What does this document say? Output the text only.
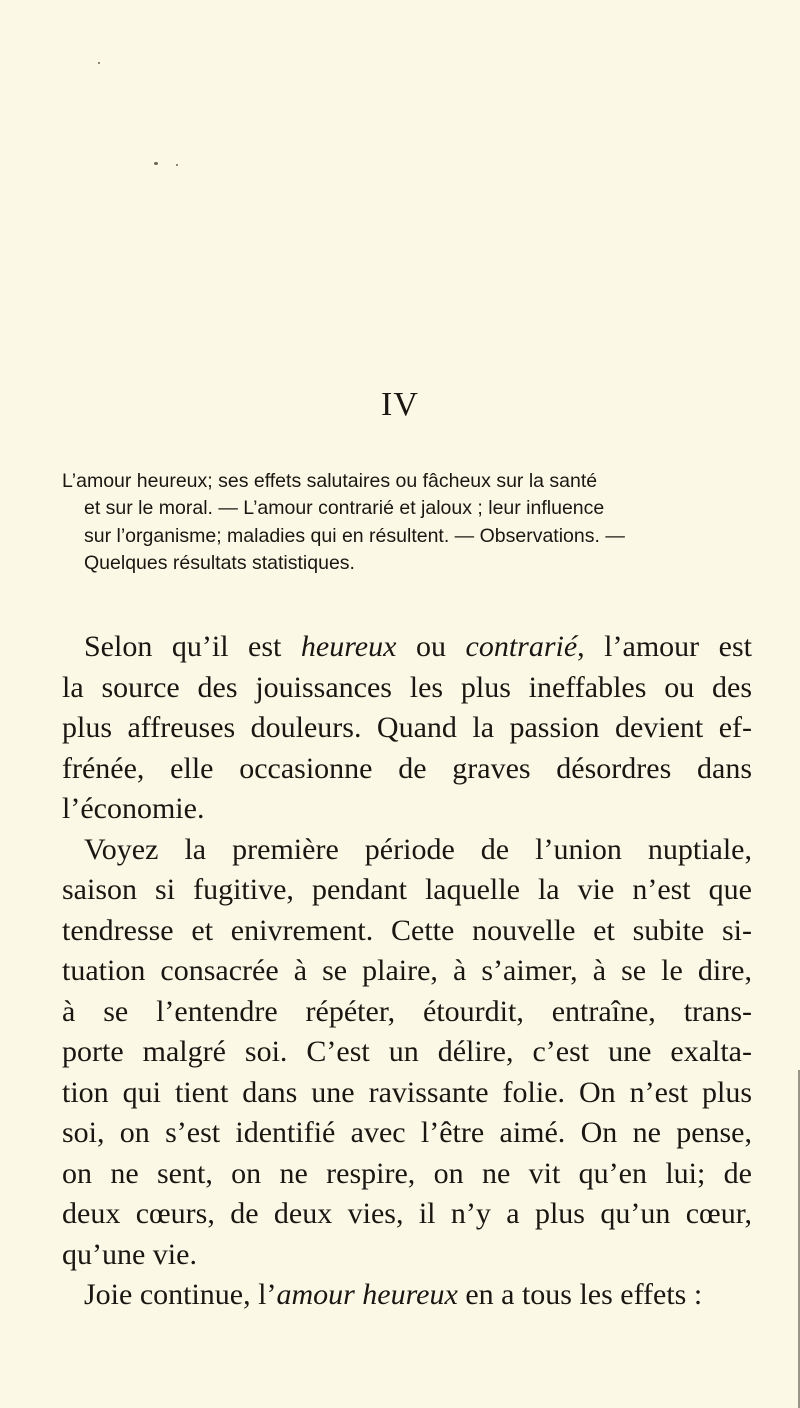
IV

L’amour heureux; ses effets salutaires ou fâcheux sur la santé
et sur le moral. — L’amour contrarié et jaloux ; leur influence
sur l’organisme; maladies qui en résultent. — Observations. —
Quelques résultats statistiques.

Selon qu’il est heureux ou contrarié, l’amour est
la source des jouissances les plus ineffables ou des
plus affreuses douleurs. Quand la passion devient ef-
frénée, elle occasionne de graves désordres dans
l’économie.
Voyez la première période de l’union nuptiale,
saison si fugitive, pendant laquelle la vie n’est que
tendresse et enivrement. Cette nouvelle et subite si-
tuation consacrée à se plaire, à s’aimer, à se le dire,
à se l’entendre répéter, étourdit, entraîne, trans-
porte malgré soi. C’est un délire, c’est une exalta-
tion qui tient dans une ravissante folie. On n’est plus
soi, on s’est identifié avec l’être aimé. On ne pense,
on ne sent, on ne respire, on ne vit qu’en lui; de
deux cœurs, de deux vies, il n’y a plus qu’un cœur,
qu’une vie.
Joie continue, l’amour heureux en a tous les effets :
